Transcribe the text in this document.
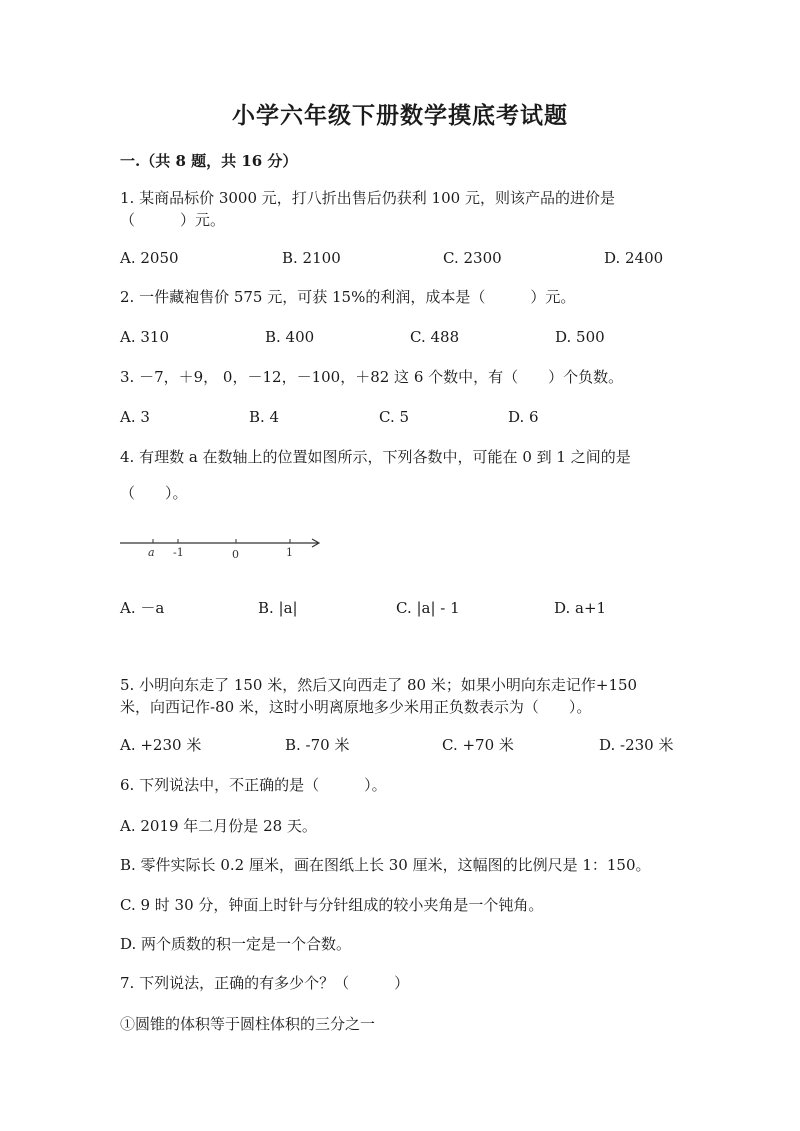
小学六年级下册数学摸底考试题
一.（共 8 题，共 16 分）
1. 某商品标价 3000 元，打八折出售后仍获利 100 元，则该产品的进价是
（　　　）元。
A. 2050	B. 2100	C. 2300	D. 2400
2. 一件藏袍售价 575 元，可获 15%的利润，成本是（　　　）元。
A. 310	B. 400	C. 488	D. 500
3. －7，＋9， 0，－12，－100，＋82 这 6 个数中，有（　　）个负数。
A. 3	B. 4	C. 5	D. 6
4. 有理数 a 在数轴上的位置如图所示，下列各数中，可能在 0 到 1 之间的是
（　　）。
a -1	0	1
A. －a	B. |a|	C. |a| - 1	D. a+1
5. 小明向东走了 150 米，然后又向西走了 80 米；如果小明向东走记作+150
米，向西记作-80 米，这时小明离原地多少米用正负数表示为（　　）。
A. +230 米	B. -70 米	C. +70 米	D. -230 米
6. 下列说法中，不正确的是（　　　）。
A. 2019 年二月份是 28 天。
B. 零件实际长 0.2 厘米，画在图纸上长 30 厘米，这幅图的比例尺是 1：150。
C. 9 时 30 分，钟面上时针与分针组成的较小夹角是一个钝角。
D. 两个质数的积一定是一个合数。
7. 下列说法，正确的有多少个？（　　　）
①圆锥的体积等于圆柱体积的三分之一
